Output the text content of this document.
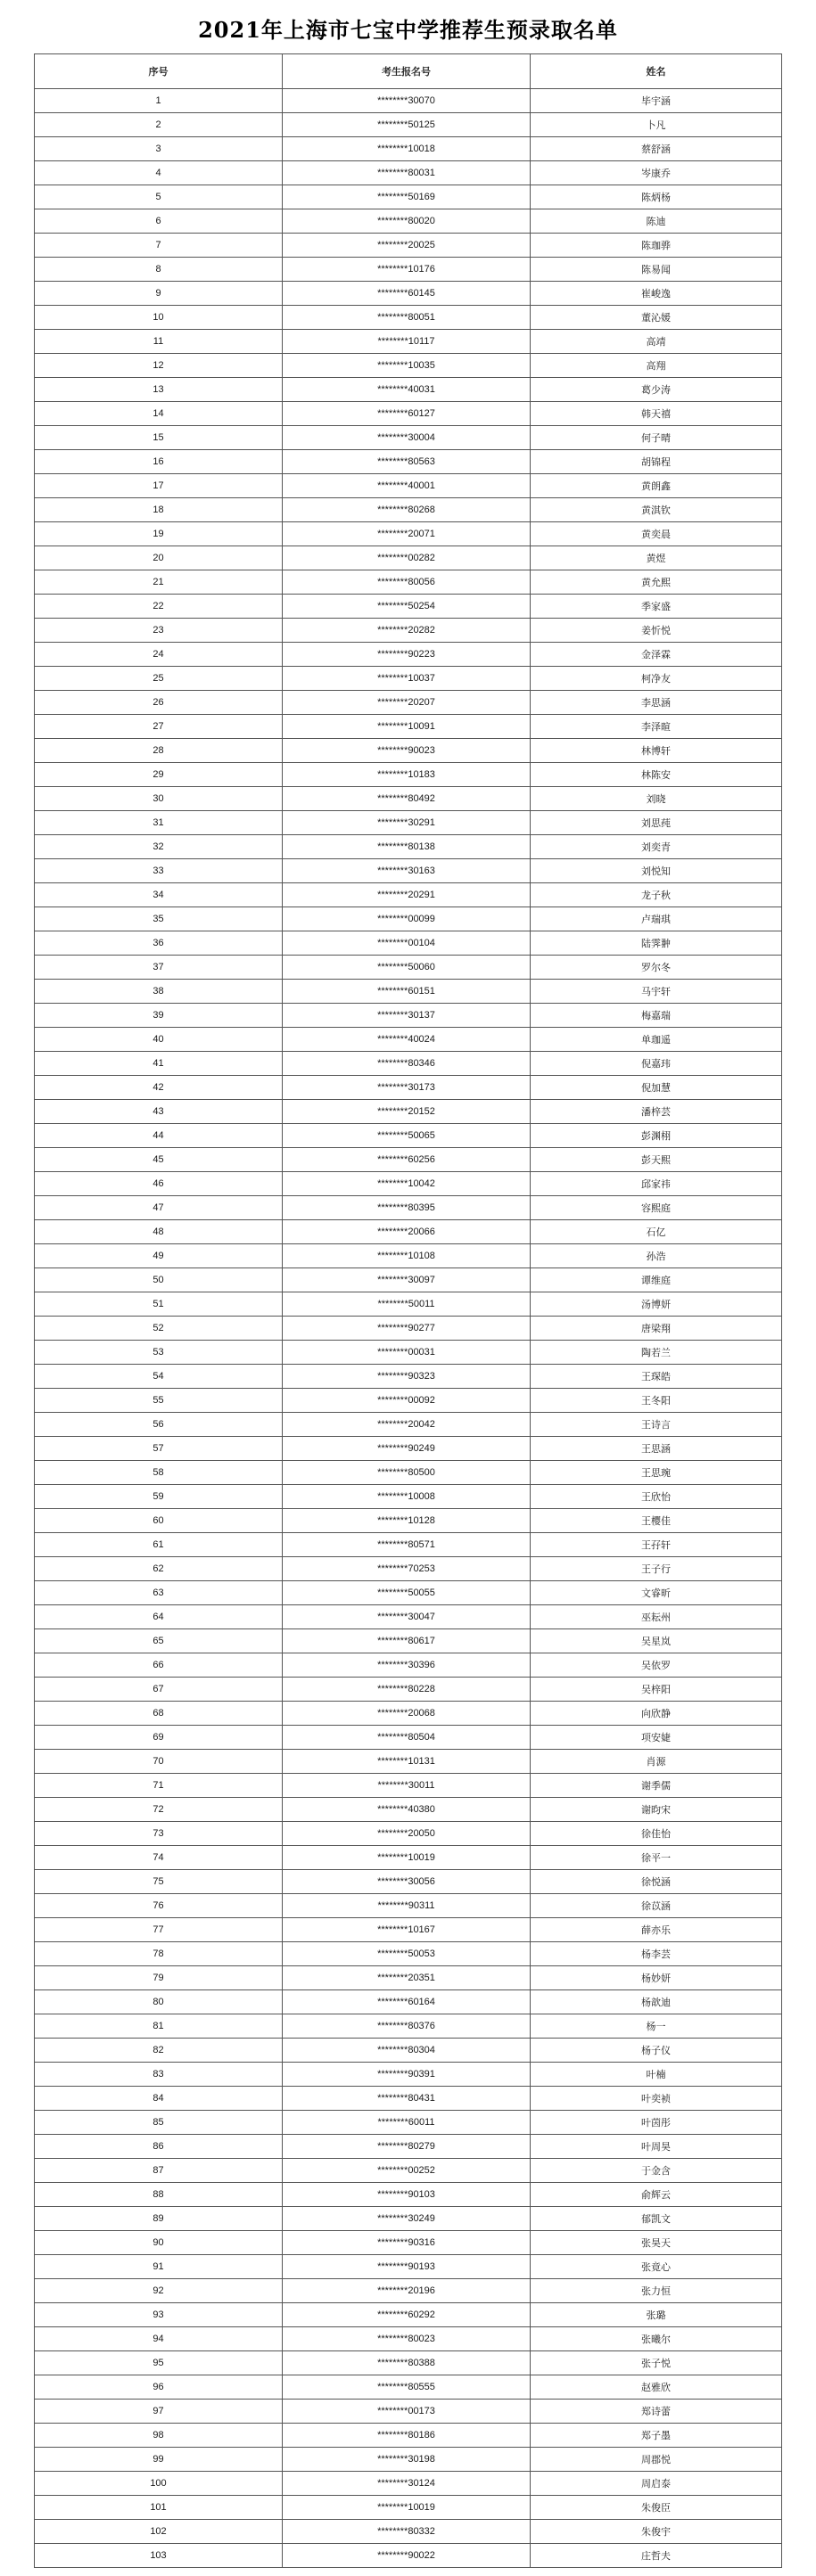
2021年上海市七宝中学推荐生预录取名单
序号	考生报名号	姓名
1	********30070	毕宇涵
2	********50125	卜凡
3	********10018	蔡舒涵
4	********80031	岑康乔
5	********50169	陈炳杨
6	********80020	陈迪
7	********20025	陈珈骅
8	********10176	陈易闻
9	********60145	崔峻逸
10	********80051	董沁媛
11	********10117	高靖
12	********10035	高翔
13	********40031	葛少涛
14	********60127	韩天禧
15	********30004	何子晴
16	********80563	胡锦程
17	********40001	黄朗鑫
18	********80268	黄淇钦
19	********20071	黄奕晨
20	********00282	黄煜
21	********80056	黄允熙
22	********50254	季家盛
23	********20282	姜忻悦
24	********90223	金泽霖
25	********10037	柯净友
26	********20207	李思涵
27	********10091	李泽暄
28	********90023	林博轩
29	********10183	林陈安
30	********80492	刘晓
31	********30291	刘思莼
32	********80138	刘奕青
33	********30163	刘悦知
34	********20291	龙子秋
35	********00099	卢瑞琪
36	********00104	陆霁翀
37	********50060	罗尔冬
38	********60151	马宇轩
39	********30137	梅嘉瑞
40	********40024	单珈遥
41	********80346	倪嘉玮
42	********30173	倪加慧
43	********20152	潘梓芸
44	********50065	彭渊栩
45	********60256	彭天熙
46	********10042	邱家祎
47	********80395	容熙庭
48	********20066	石亿
49	********10108	孙浩
50	********30097	谭维庭
51	********50011	汤博妍
52	********90277	唐梁翔
53	********00031	陶若兰
54	********90323	王琛皓
55	********00092	王冬阳
56	********20042	王诗言
57	********90249	王思涵
58	********80500	王思琬
59	********10008	王欣怡
60	********10128	王樱佳
61	********80571	王孖轩
62	********70253	王子行
63	********50055	文睿昕
64	********30047	巫耘州
65	********80617	吴星岚
66	********30396	吴依罗
67	********80228	吴梓阳
68	********20068	向欣静
69	********80504	项安婕
70	********10131	肖源
71	********30011	谢季儒
72	********40380	谢昀宋
73	********20050	徐佳怡
74	********10019	徐平一
75	********30056	徐悦涵
76	********90311	徐苡涵
77	********10167	薛亦乐
78	********50053	杨李芸
79	********20351	杨妙妍
80	********60164	杨歆迪
81	********80376	杨一
82	********80304	杨子仪
83	********90391	叶楠
84	********80431	叶奕祯
85	********60011	叶茵彤
86	********80279	叶周昊
87	********00252	于金含
88	********90103	俞辉云
89	********30249	郁凯文
90	********90316	张昊天
91	********90193	张竟心
92	********20196	张力恒
93	********60292	张璐
94	********80023	张曦尔
95	********80388	张子悦
96	********80555	赵雅欣
97	********00173	郑诗蕾
98	********80186	郑子墨
99	********30198	周郡悦
100	********30124	周启泰
101	********10019	朱俊臣
102	********80332	朱俊宇
103	********90022	庄哲夫
